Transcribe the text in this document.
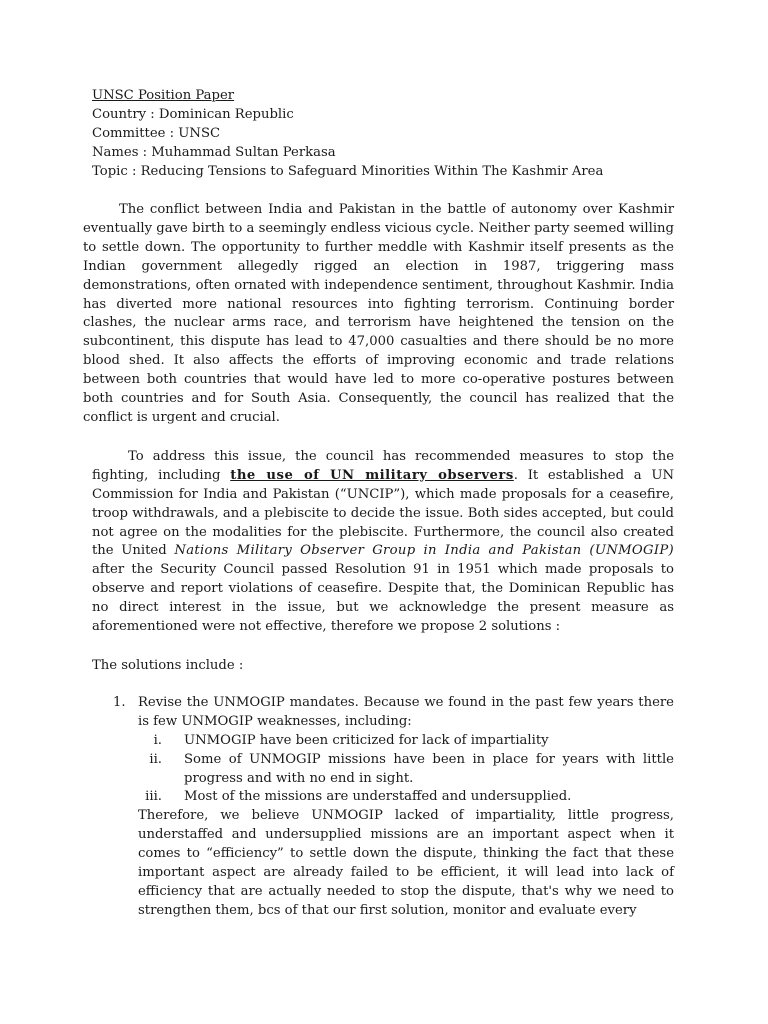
UNSC Position Paper
Country : Dominican Republic
Committee : UNSC
Names : Muhammad Sultan Perkasa
Topic : Reducing Tensions to Safeguard Minorities Within The Kashmir Area

The conflict between India and Pakistan in the battle of autonomy over Kashmir eventually gave birth to a seemingly endless vicious cycle. Neither party seemed willing to settle down. The opportunity to further meddle with Kashmir itself presents as the Indian government allegedly rigged an election in 1987, triggering mass demonstrations, often ornated with independence sentiment, throughout Kashmir. India has diverted more national resources into fighting terrorism. Continuing border clashes, the nuclear arms race, and terrorism have heightened the tension on the subcontinent, this dispute has lead to 47,000 casualties and there should be no more blood shed. It also affects the efforts of improving economic and trade relations between both countries that would have led to more co-operative postures between both countries and for South Asia. Consequently, the council has realized that the conflict is urgent and crucial.

To address this issue, the council has recommended measures to stop the fighting, including the use of UN military observers. It established a UN Commission for India and Pakistan (“UNCIP”), which made proposals for a ceasefire, troop withdrawals, and a plebiscite to decide the issue. Both sides accepted, but could not agree on the modalities for the plebiscite. Furthermore, the council also created the United Nations Military Observer Group in India and Pakistan (UNMOGIP) after the Security Council passed Resolution 91 in 1951 which made proposals to observe and report violations of ceasefire. Despite that, the Dominican Republic has no direct interest in the issue, but we acknowledge the present measure as aforementioned were not effective, therefore we propose 2 solutions :

The solutions include :
1. Revise the UNMOGIP mandates. Because we found in the past few years there is few UNMOGIP weaknesses, including:
i. UNMOGIP have been criticized for lack of impartiality
ii. Some of UNMOGIP missions have been in place for years with little progress and with no end in sight.
iii. Most of the missions are understaffed and undersupplied.
Therefore, we believe UNMOGIP lacked of impartiality, little progress, understaffed and undersupplied missions are an important aspect when it comes to “efficiency” to settle down the dispute, thinking the fact that these important aspect are already failed to be efficient, it will lead into lack of efficiency that are actually needed to stop the dispute, that's why we need to strengthen them, bcs of that our first solution, monitor and evaluate every
